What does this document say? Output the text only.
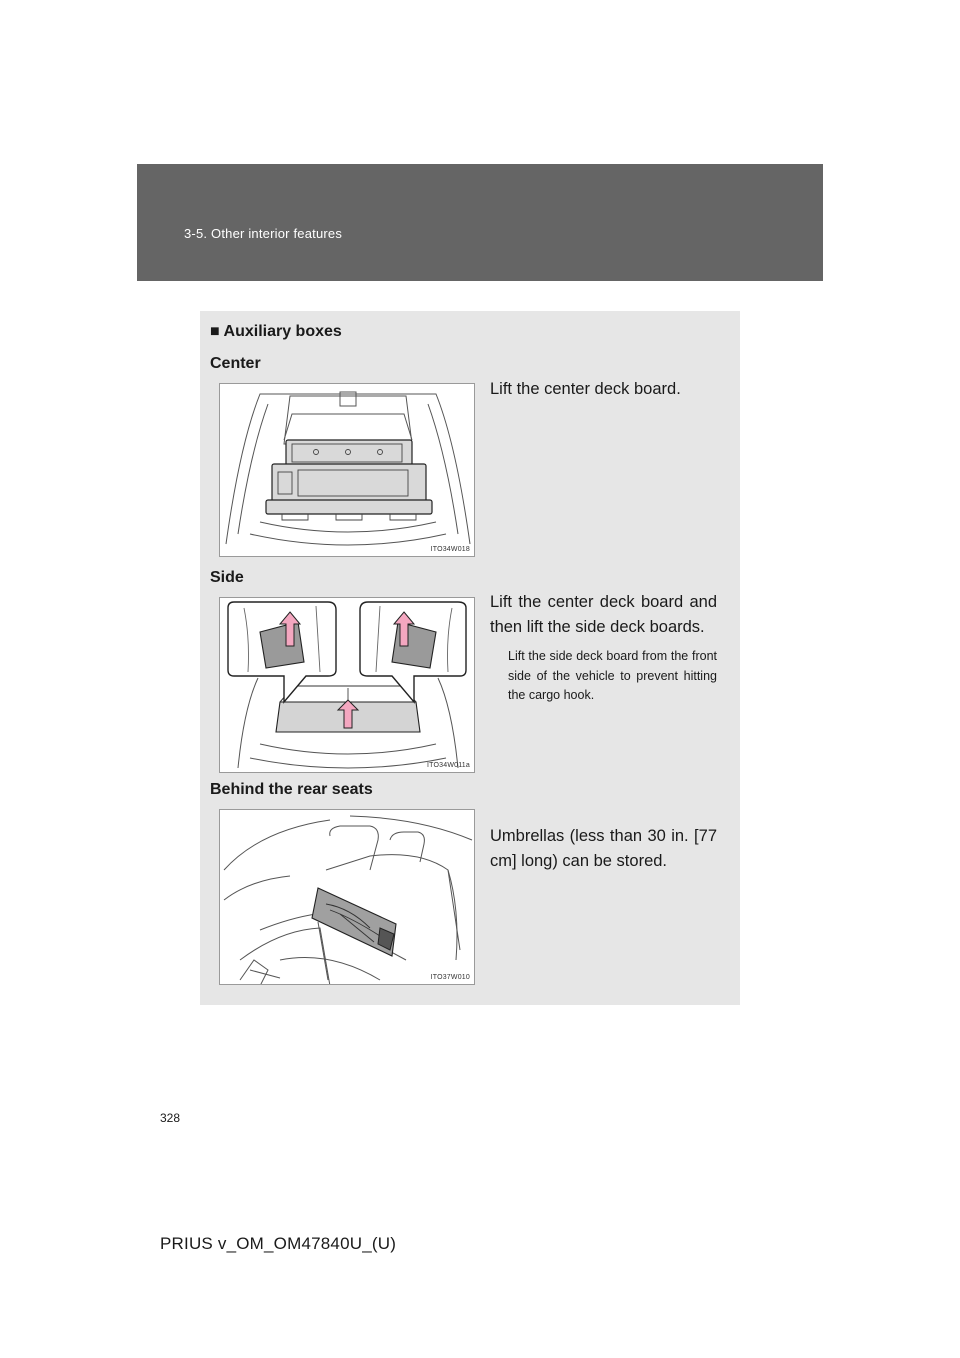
3-5. Other interior features
■ Auxiliary boxes
Center
ITO34W018
Lift the center deck board.
Side
ITO34W011a
Lift the center deck board and then lift the side deck boards.
Lift the side deck board from the front side of the vehicle to prevent hitting the cargo hook.
Behind the rear seats
ITO37W010
Umbrellas (less than 30 in. [77 cm] long) can be stored.
328
PRIUS v_OM_OM47840U_(U)
